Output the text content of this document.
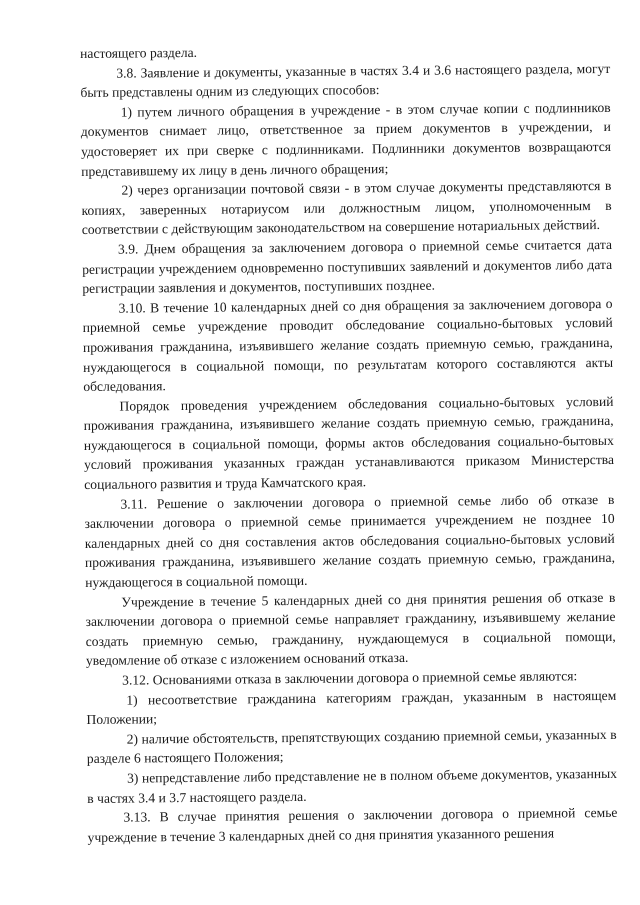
настоящего раздела.

3.8. Заявление и документы, указанные в частях 3.4 и 3.6 настоящего раздела, могут быть представлены одним из следующих способов:

1) путем личного обращения в учреждение - в этом случае копии с подлинников документов снимает лицо, ответственное за прием документов в учреждении, и удостоверяет их при сверке с подлинниками. Подлинники документов возвращаются представившему их лицу в день личного обращения;

2) через организации почтовой связи - в этом случае документы представляются в копиях, заверенных нотариусом или должностным лицом, уполномоченным в соответствии с действующим законодательством на совершение нотариальных действий.

3.9. Днем обращения за заключением договора о приемной семье считается дата регистрации учреждением одновременно поступивших заявлений и документов либо дата регистрации заявления и документов, поступивших позднее.

3.10. В течение 10 календарных дней со дня обращения за заключением договора о приемной семье учреждение проводит обследование социально-бытовых условий проживания гражданина, изъявившего желание создать приемную семью, гражданина, нуждающегося в социальной помощи, по результатам которого составляются акты обследования.

Порядок проведения учреждением обследования социально-бытовых условий проживания гражданина, изъявившего желание создать приемную семью, гражданина, нуждающегося в социальной помощи, формы актов обследования социально-бытовых условий проживания указанных граждан устанавливаются приказом Министерства социального развития и труда Камчатского края.

3.11. Решение о заключении договора о приемной семье либо об отказе в заключении договора о приемной семье принимается учреждением не позднее 10 календарных дней со дня составления актов обследования социально-бытовых условий проживания гражданина, изъявившего желание создать приемную семью, гражданина, нуждающегося в социальной помощи.

Учреждение в течение 5 календарных дней со дня принятия решения об отказе в заключении договора о приемной семье направляет гражданину, изъявившему желание создать приемную семью, гражданину, нуждающемуся в социальной помощи, уведомление об отказе с изложением оснований отказа.

3.12. Основаниями отказа в заключении договора о приемной семье являются:

1) несоответствие гражданина категориям граждан, указанным в настоящем Положении;

2) наличие обстоятельств, препятствующих созданию приемной семьи, указанных в разделе 6 настоящего Положения;

3) непредставление либо представление не в полном объеме документов, указанных в частях 3.4 и 3.7 настоящего раздела.

3.13. В случае принятия решения о заключении договора о приемной семье учреждение в течение 3 календарных дней со дня принятия указанного решения
